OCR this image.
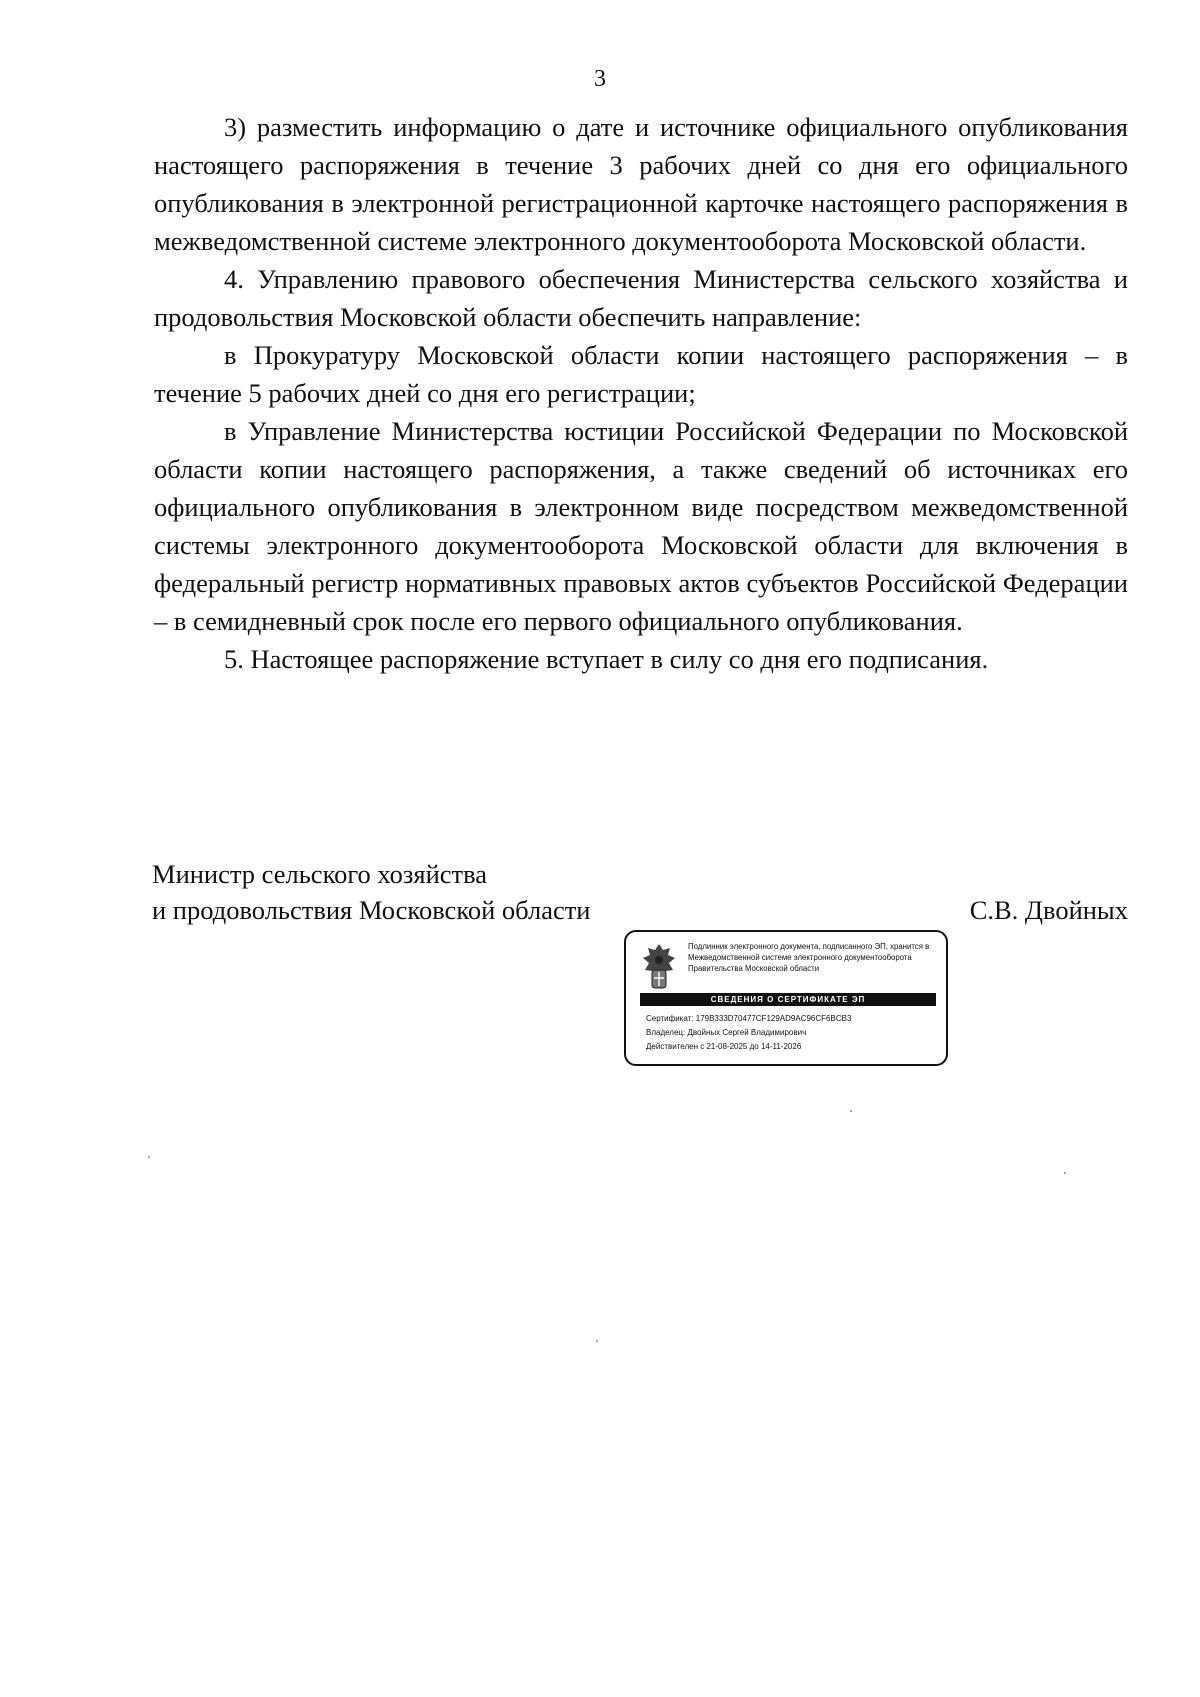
3

3) разместить информацию о дате и источнике официального опубликования настоящего распоряжения в течение 3 рабочих дней со дня его официального опубликования в электронной регистрационной карточке настоящего распоряжения в межведомственной системе электронного документооборота Московской области.

4. Управлению правового обеспечения Министерства сельского хозяйства и продовольствия Московской области обеспечить направление:

в Прокуратуру Московской области копии настоящего распоряжения – в течение 5 рабочих дней со дня его регистрации;

в Управление Министерства юстиции Российской Федерации по Московской области копии настоящего распоряжения, а также сведений об источниках его официального опубликования в электронном виде посредством межведомственной системы электронного документооборота Московской области для включения в федеральный регистр нормативных правовых актов субъектов Российской Федерации – в семидневный срок после его первого официального опубликования.

5. Настоящее распоряжение вступает в силу со дня его подписания.

Министр сельского хозяйства
и продовольствия Московской области	С.В. Двойных
Подлинник электронного документа, подписанного ЭП, хранится в Межведомственной системе электронного документооборота Правительства Московской области
СВЕДЕНИЯ О СЕРТИФИКАТЕ ЭП
Сертификат: 179B333D70477CF129AD9AC96CF6BCB3
Владелец: Двойных Сергей Владимирович
Действителен с 21-08-2025 до 14-11-2026
